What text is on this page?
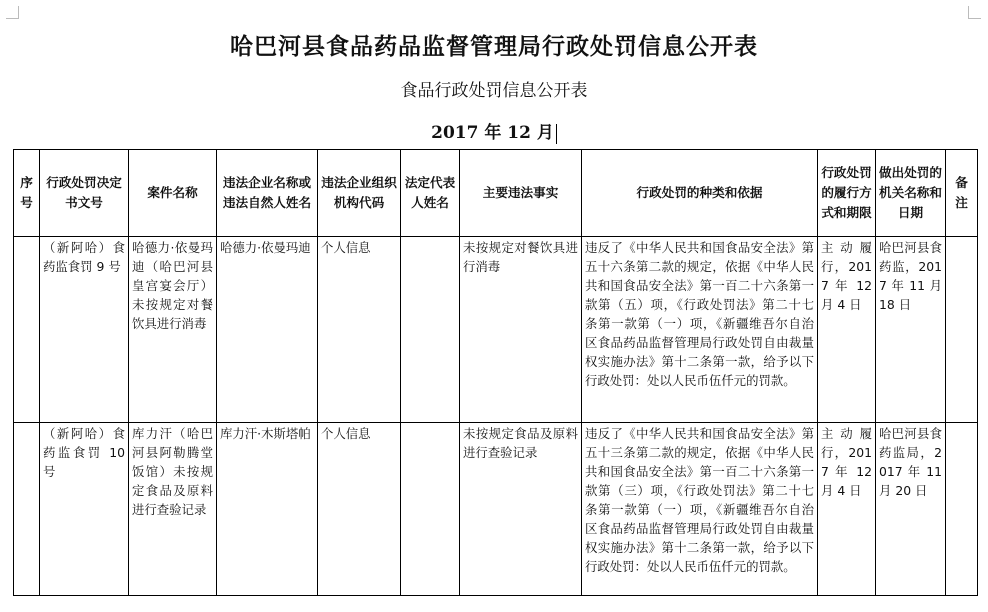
哈巴河县食品药品监督管理局行政处罚信息公开表
食品行政处罚信息公开表
2017 年 12 月
序号	行政处罚决定书文号	案件名称	违法企业名称或违法自然人姓名	违法企业组织机构代码	法定代表人姓名	主要违法事实	行政处罚的种类和依据	行政处罚的履行方式和期限	做出处罚的机关名称和日期	备注
	（新阿哈）食药监食罚 9 号	哈德力·依曼玛迪（哈巴河县皇宫宴会厅）未按规定对餐饮具进行消毒	哈德力·依曼玛迪	个人信息		未按规定对餐饮具进行消毒	违反了《中华人民共和国食品安全法》第五十六条第二款的规定，依据《中华人民共和国食品安全法》第一百二十六条第一款第（五）项，《行政处罚法》第二十七条第一款第（一）项，《新疆维吾尔自治区食品药品监督管理局行政处罚自由裁量权实施办法》第十二条第一款，给予以下行政处罚：处以人民币伍仟元的罚款。	主动履行，2017 年 12 月 4 日	哈巴河县食药监，2017 年 11 月 18 日	
	（新阿哈）食药监食罚 10 号	库力汗（哈巴河县阿勒腾堂饭馆）未按规定食品及原料进行查验记录	库力汗·木斯塔帕	个人信息		未按规定食品及原料进行查验记录	违反了《中华人民共和国食品安全法》第五十三条第二款的规定，依据《中华人民共和国食品安全法》第一百二十六条第一款第（三）项，《行政处罚法》第二十七条第一款第（一）项，《新疆维吾尔自治区食品药品监督管理局行政处罚自由裁量权实施办法》第十二条第一款，给予以下行政处罚：处以人民币伍仟元的罚款。	主动履行，2017 年 12 月 4 日	哈巴河县食药监局，2017 年 11 月 20 日	
